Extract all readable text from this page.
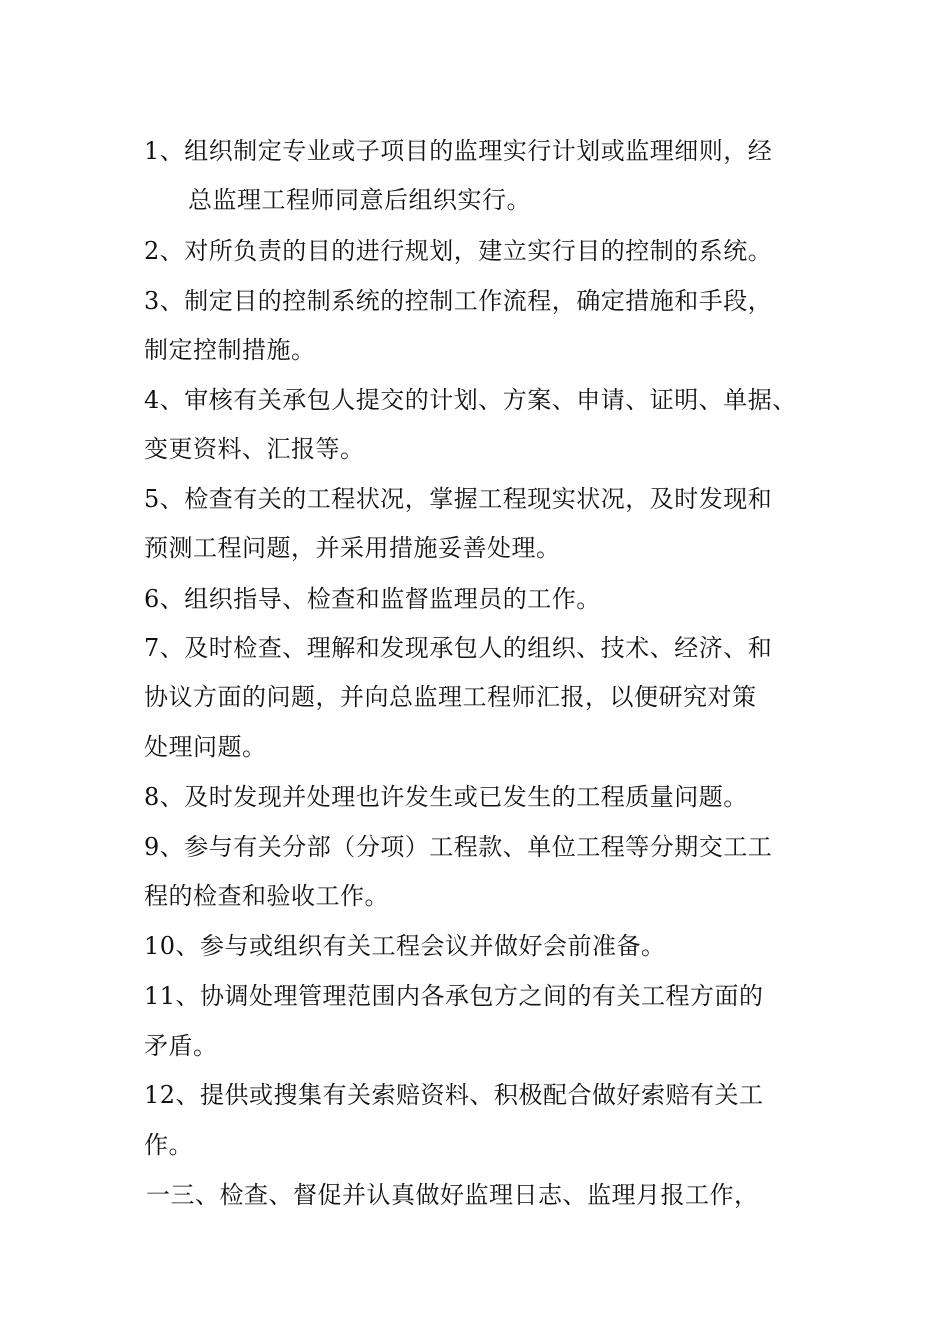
1、组织制定专业或子项目的监理实行计划或监理细则，经
总监理工程师同意后组织实行。
2、对所负责的目的进行规划，建立实行目的控制的系统。
3、制定目的控制系统的控制工作流程，确定措施和手段，
制定控制措施。
4、审核有关承包人提交的计划、方案、申请、证明、单据、
变更资料、汇报等。
5、检查有关的工程状况，掌握工程现实状况，及时发现和
预测工程问题，并采用措施妥善处理。
6、组织指导、检查和监督监理员的工作。
7、及时检查、理解和发现承包人的组织、技术、经济、和
协议方面的问题，并向总监理工程师汇报，以便研究对策
处理问题。
8、及时发现并处理也许发生或已发生的工程质量问题。
9、参与有关分部（分项）工程款、单位工程等分期交工工
程的检查和验收工作。
10、参与或组织有关工程会议并做好会前准备。
11、协调处理管理范围内各承包方之间的有关工程方面的
矛盾。
12、提供或搜集有关索赔资料、积极配合做好索赔有关工
作。
一三、检查、督促并认真做好监理日志、监理月报工作，
